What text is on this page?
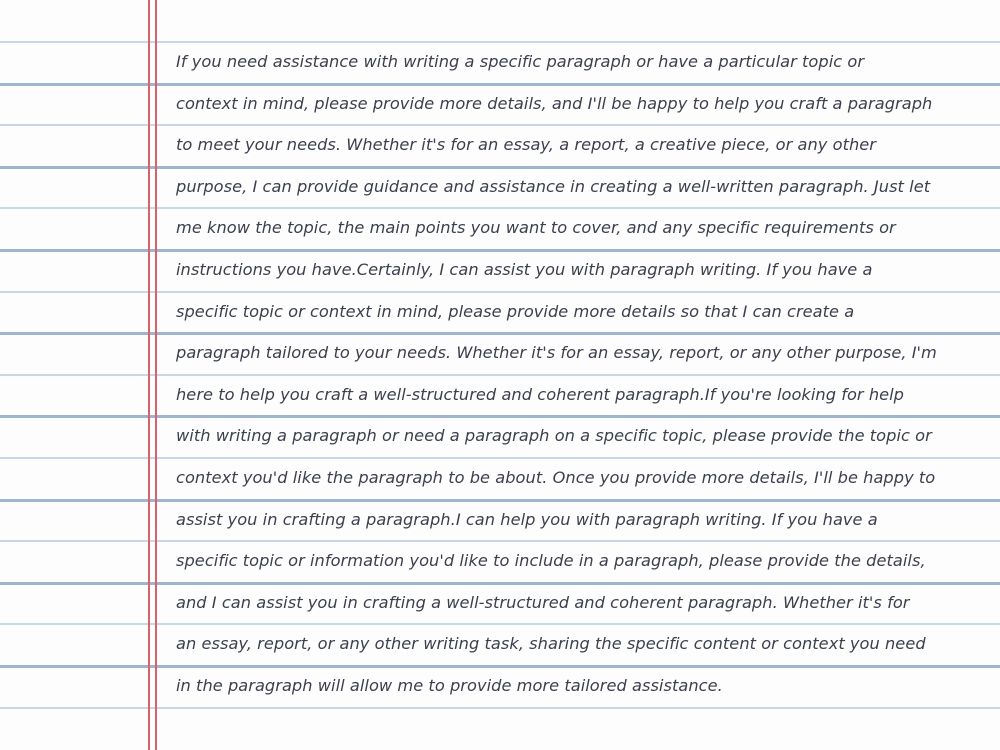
If you need assistance with writing a specific paragraph or have a particular topic or
context in mind, please provide more details, and I'll be happy to help you craft a paragraph
to meet your needs. Whether it's for an essay, a report, a creative piece, or any other
purpose, I can provide guidance and assistance in creating a well-written paragraph. Just let
me know the topic, the main points you want to cover, and any specific requirements or
instructions you have.Certainly, I can assist you with paragraph writing. If you have a
specific topic or context in mind, please provide more details so that I can create a
paragraph tailored to your needs. Whether it's for an essay, report, or any other purpose, I'm
here to help you craft a well-structured and coherent paragraph.If you're looking for help
with writing a paragraph or need a paragraph on a specific topic, please provide the topic or
context you'd like the paragraph to be about. Once you provide more details, I'll be happy to
assist you in crafting a paragraph.I can help you with paragraph writing. If you have a
specific topic or information you'd like to include in a paragraph, please provide the details,
and I can assist you in crafting a well-structured and coherent paragraph. Whether it's for
an essay, report, or any other writing task, sharing the specific content or context you need
in the paragraph will allow me to provide more tailored assistance.
